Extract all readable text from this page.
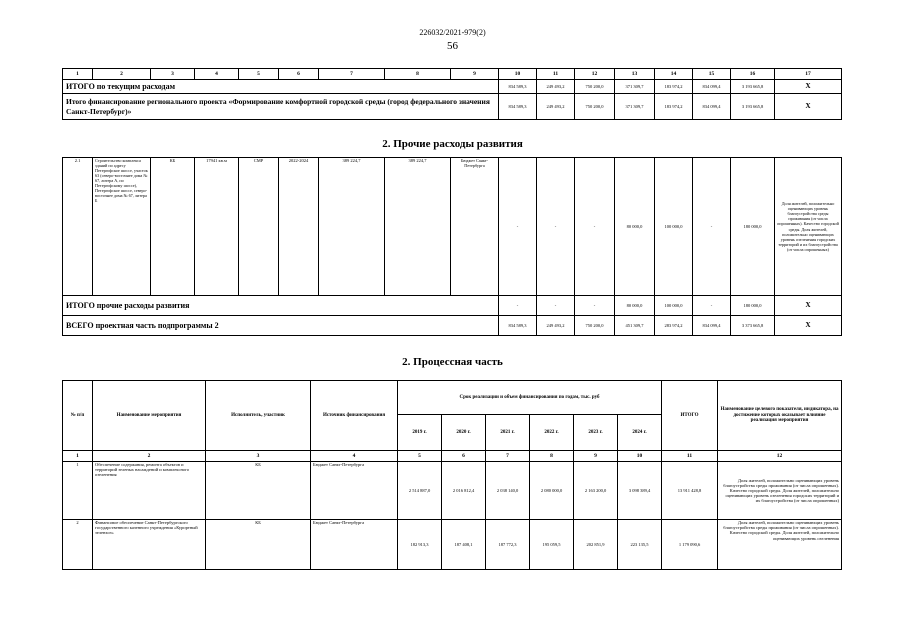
226032/2021-979(2)
56
1	2	3	4	5	6	7	8	9	10	11	12	13	14	15	16	17
ИТОГО по текущим расходам									834 589,3	249 493,2	750 200,0	371 309,7	183 974,2	834 099,4	3 193 665,8	Х
Итого финансирование регионального проекта «Формирование комфортной городской среды (город федерального значения Санкт-Петербург)»									834 589,3	249 493,2	750 200,0	371 309,7	183 974,2	834 099,4	3 193 665,8	Х
2. Прочие расходы развития
2.1	Строительство комплекса зданий по адресу Петергофское шоссе, участок 63 (северо-восточнее дома № 67, литера А, по Петергофскому шоссе), Петергофское шоссе, северо-восточнее дома № 67, литера Б	КБ	17941 кв.м	СМР	2022-2024	389 224,7	389 224,7	Бюджет Санкт-Петербурга	-	-	-	80 000,0	100 000,0	-	180 000,0	Доля жителей, положительно оценивающих уровень благоустройства среды проживания (от числа опрошенных). Качество городской среды. Доля жителей, положительно оценивающих уровень озеленения городских территорий и их благоустройства (от числа опрошенных)
ИТОГО прочие расходы развития									-	-	-	80 000,0	100 000,0	-	180 000,0	Х
ВСЕГО проектная часть подпрограммы 2									834 589,3	249 493,2	750 200,0	451 309,7	283 974,2	834 099,4	3 373 665,8	Х
2. Процессная часть
№ п/п	Наименование мероприятия	Исполнитель, участник	Источник финансирования	Срок реализации и объем финансирования по годам, тыс. руб						ИТОГО	Наименование целевого показателя, индикатора, на достижение которых оказывает влияние реализация мероприятия
				2019 г.	2020 г.	2021 г.	2022 г.	2023 г.	2024 г.		
1	2	3	4	5	6	7	8	9	10	11	12
1	Обеспечение содержания, ремонта объектов и территорий зеленых насаждений и комплексного озеленения	КБ	Бюджет Санкт-Петербурга	2 514 887,0	2 016 812,4	2 038 140,0	2 080 000,0	2 163 200,0	3 098 389,4	13 911 428,8	Доля жителей, положительно оценивающих уровень благоустройства среды проживания (от числа опрошенных). Качество городской среды. Доля жителей, положительно оценивающих уровень озеленения городских территорий и их благоустройства (от числа опрошенных)
2	Финансовое обеспечение Санкт-Петербургского государственного казенного учреждения «Курортный зеленхоз»	КБ	Бюджет Санкт-Петербурга	182 913,3	187 408,1	187 772,3	195 059,5	202 851,9	223 135,5	1 179 090,6	Доля жителей, положительно оценивающих уровень благоустройства среды проживания (от числа опрошенных). Качество городской среды. Доля жителей, положительно оценивающих уровень озеленения
